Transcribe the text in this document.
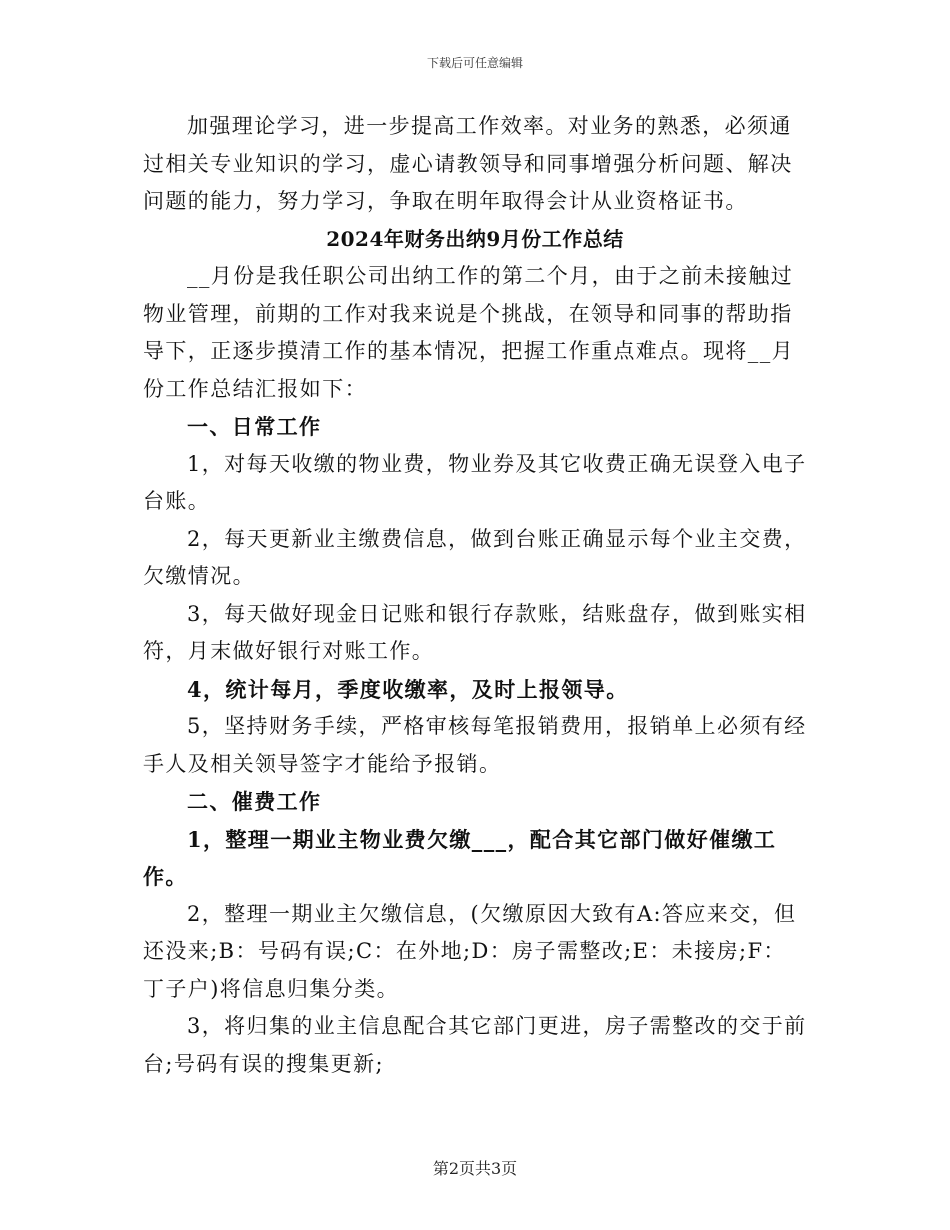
下载后可任意编辑

加强理论学习，进一步提高工作效率。对业务的熟悉，必须通过相关专业知识的学习，虚心请教领导和同事增强分析问题、解决问题的能力，努力学习，争取在明年取得会计从业资格证书。

2024年财务出纳9月份工作总结

__月份是我任职公司出纳工作的第二个月，由于之前未接触过物业管理，前期的工作对我来说是个挑战，在领导和同事的帮助指导下，正逐步摸清工作的基本情况，把握工作重点难点。现将__月份工作总结汇报如下：

一、日常工作

1，对每天收缴的物业费，物业券及其它收费正确无误登入电子台账。

2，每天更新业主缴费信息，做到台账正确显示每个业主交费，欠缴情况。

3，每天做好现金日记账和银行存款账，结账盘存，做到账实相符，月末做好银行对账工作。

4，统计每月，季度收缴率，及时上报领导。

5，坚持财务手续，严格审核每笔报销费用，报销单上必须有经手人及相关领导签字才能给予报销。

二、催费工作

1，整理一期业主物业费欠缴___，配合其它部门做好催缴工作。

2，整理一期业主欠缴信息，(欠缴原因大致有A:答应来交，但还没来;B：号码有误;C：在外地;D：房子需整改;E：未接房;F：丁子户)将信息归集分类。

3，将归集的业主信息配合其它部门更进，房子需整改的交于前台;号码有误的搜集更新;

第2页共3页
